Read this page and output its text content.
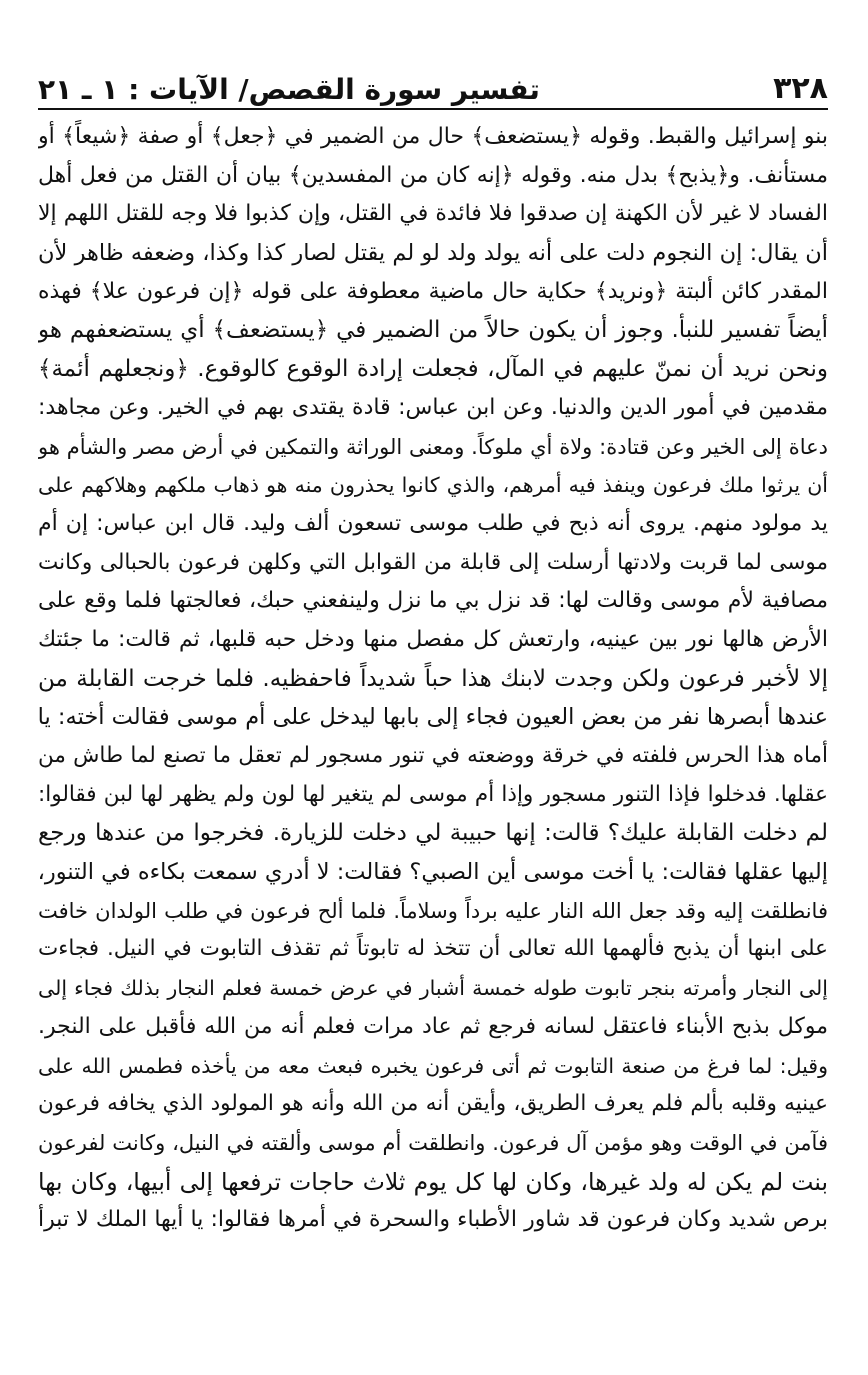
٣٢٨
تفسير سورة القصص/ الآيات : ١ ـ ٢١
بنو إسرائيل والقبط. وقوله ﴿يستضعف﴾ حال من الضمير في ﴿جعل﴾ أو صفة ﴿شيعاً﴾ أو
مستأنف. و﴿يذبح﴾ بدل منه. وقوله ﴿إنه كان من المفسدين﴾ بيان أن القتل من فعل أهل
الفساد لا غير لأن الكهنة إن صدقوا فلا فائدة في القتل، وإن كذبوا فلا وجه للقتل اللهم إلا
أن يقال: إن النجوم دلت على أنه يولد ولد لو لم يقتل لصار كذا وكذا، وضعفه ظاهر لأن
المقدر كائن ألبتة ﴿ونريد﴾ حكاية حال ماضية معطوفة على قوله ﴿إن فرعون علا﴾ فهذه
أيضاً تفسير للنبأ. وجوز أن يكون حالاً من الضمير في ﴿يستضعف﴾ أي يستضعفهم هو
ونحن نريد أن نمنّ عليهم في المآل، فجعلت إرادة الوقوع كالوقوع. ﴿ونجعلهم أئمة﴾
مقدمين في أمور الدين والدنيا. وعن ابن عباس: قادة يقتدى بهم في الخير. وعن مجاهد:
دعاة إلى الخير وعن قتادة: ولاة أي ملوكاً. ومعنى الوراثة والتمكين في أرض مصر والشأم هو
أن يرثوا ملك فرعون وينفذ فيه أمرهم، والذي كانوا يحذرون منه هو ذهاب ملكهم وهلاكهم على
يد مولود منهم. يروى أنه ذبح في طلب موسى تسعون ألف وليد. قال ابن عباس: إن أم
موسى لما قربت ولادتها أرسلت إلى قابلة من القوابل التي وكلهن فرعون بالحبالى وكانت
مصافية لأم موسى وقالت لها: قد نزل بي ما نزل ولينفعني حبك، فعالجتها فلما وقع على
الأرض هالها نور بين عينيه، وارتعش كل مفصل منها ودخل حبه قلبها، ثم قالت: ما جئتك
إلا لأخبر فرعون ولكن وجدت لابنك هذا حباً شديداً فاحفظيه. فلما خرجت القابلة من
عندها أبصرها نفر من بعض العيون فجاء إلى بابها ليدخل على أم موسى فقالت أخته: يا
أماه هذا الحرس فلفته في خرقة ووضعته في تنور مسجور لم تعقل ما تصنع لما طاش من
عقلها. فدخلوا فإذا التنور مسجور وإذا أم موسى لم يتغير لها لون ولم يظهر لها لبن فقالوا:
لم دخلت القابلة عليك؟ قالت: إنها حبيبة لي دخلت للزيارة. فخرجوا من عندها ورجع
إليها عقلها فقالت: يا أخت موسى أين الصبي؟ فقالت: لا أدري سمعت بكاءه في التنور،
فانطلقت إليه وقد جعل الله النار عليه برداً وسلاماً. فلما ألح فرعون في طلب الولدان خافت
على ابنها أن يذبح فألهمها الله تعالى أن تتخذ له تابوتاً ثم تقذف التابوت في النيل. فجاءت
إلى النجار وأمرته بنجر تابوت طوله خمسة أشبار في عرض خمسة فعلم النجار بذلك فجاء إلى
موكل بذبح الأبناء فاعتقل لسانه فرجع ثم عاد مرات فعلم أنه من الله فأقبل على النجر.
وقيل: لما فرغ من صنعة التابوت ثم أتى فرعون يخبره فبعث معه من يأخذه فطمس الله على
عينيه وقلبه بألم فلم يعرف الطريق، وأيقن أنه من الله وأنه هو المولود الذي يخافه فرعون
فآمن في الوقت وهو مؤمن آل فرعون. وانطلقت أم موسى وألقته في النيل، وكانت لفرعون
بنت لم يكن له ولد غيرها، وكان لها كل يوم ثلاث حاجات ترفعها إلى أبيها، وكان بها
برص شديد وكان فرعون قد شاور الأطباء والسحرة في أمرها فقالوا: يا أيها الملك لا تبرأ
